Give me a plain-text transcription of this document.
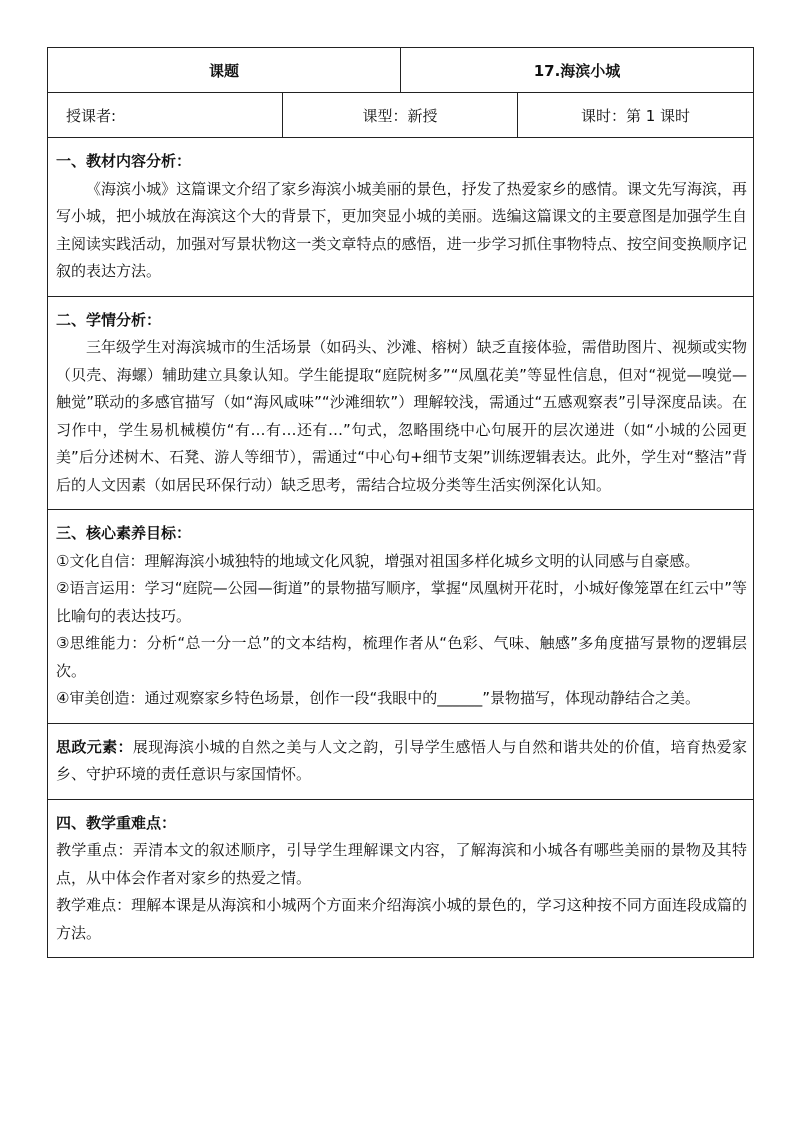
课题		17.海滨小城	
授课者:	课型：新授		课时：第 1 课时

一、教材内容分析：

《海滨小城》这篇课文介绍了家乡海滨小城美丽的景色，抒发了热爱家乡的感情。课文先写海滨，再写小城，把小城放在海滨这个大的背景下，更加突显小城的美丽。选编这篇课文的主要意图是加强学生自主阅读实践活动，加强对写景状物这一类文章特点的感悟，进一步学习抓住事物特点、按空间变换顺序记叙的表达方法。			

二、学情分析：

三年级学生对海滨城市的生活场景（如码头、沙滩、榕树）缺乏直接体验，需借助图片、视频或实物（贝壳、海螺）辅助建立具象认知。学生能提取“庭院树多”“凤凰花美”等显性信息，但对“视觉—嗅觉—触觉”联动的多感官描写（如“海风咸味”“沙滩细软”）理解较浅，需通过“五感观察表”引导深度品读。在习作中，学生易机械模仿“有…有…还有…”句式，忽略围绕中心句展开的层次递进（如“小城的公园更美”后分述树木、石凳、游人等细节），需通过“中心句+细节支架”训练逻辑表达。此外，学生对“整洁”背后的人文因素（如居民环保行动）缺乏思考，需结合垃圾分类等生活实例深化认知。			

三、核心素养目标：

①文化自信：理解海滨小城独特的地域文化风貌，增强对祖国多样化城乡文明的认同感与自豪感。

②语言运用：学习“庭院—公园—街道”的景物描写顺序，掌握“凤凰树开花时，小城好像笼罩在红云中”等比喻句的表达技巧。

③思维能力：分析“总一分一总”的文本结构，梳理作者从“色彩、气味、触感”多角度描写景物的逻辑层次。

④审美创造：通过观察家乡特色场景，创作一段“我眼中的______”景物描写，体现动静结合之美。			

思政元素：展现海滨小城的自然之美与人文之韵，引导学生感悟人与自然和谐共处的价值，培育热爱家乡、守护环境的责任意识与家国情怀。			

四、教学重难点：

教学重点：弄清本文的叙述顺序，引导学生理解课文内容，了解海滨和小城各有哪些美丽的景物及其特点，从中体会作者对家乡的热爱之情。

教学难点：理解本课是从海滨和小城两个方面来介绍海滨小城的景色的，学习这种按不同方面连段成篇的方法。			
